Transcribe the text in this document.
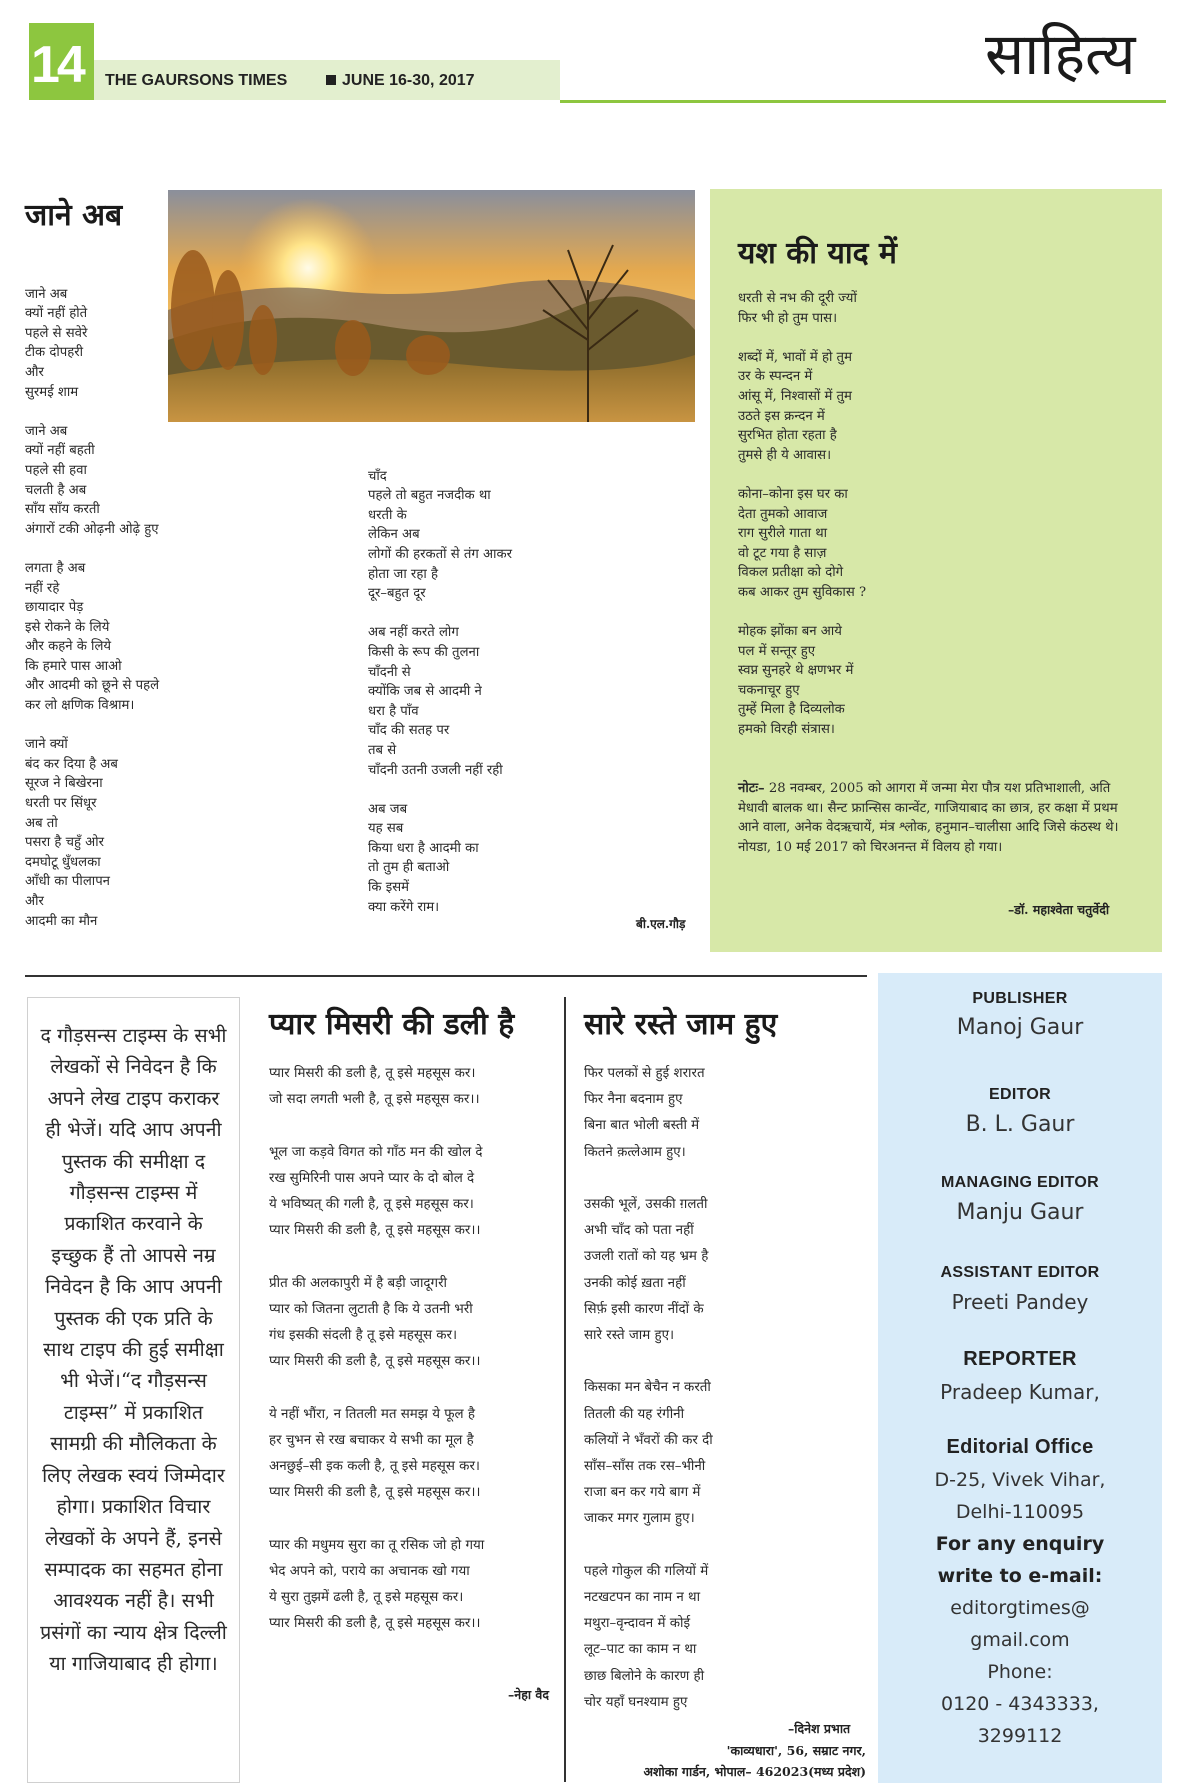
14 THE GAURSONS TIMES	JUNE 16-30, 2017	साहित्य
जाने अब

जाने अब
क्यों नहीं होते
पहले से सवेरे
टीक दोपहरी
और
सुरमई शाम

जाने अब
क्यों नहीं बहती
पहले सी हवा
चलती है अब
साँय साँय करती
अंगारों टकी ओढ़नी ओढ़े हुए

लगता है अब
नहीं रहे
छायादार पेड़
इसे रोकने के लिये
और कहने के लिये
कि हमारे पास आओ
और आदमी को छूने से पहले
कर लो क्षणिक विश्राम।

जाने क्यों
बंद कर दिया है अब
सूरज ने बिखेरना
धरती पर सिंधूर
अब तो
पसरा है चहुँ ओर
दमघोटू धुँधलका
आँधी का पीलापन
और
आदमी का मौन

चाँद
पहले तो बहुत नजदीक था
धरती के
लेकिन अब
लोगों की हरकतों से तंग आकर
होता जा रहा है
दूर–बहुत दूर

अब नहीं करते लोग
किसी के रूप की तुलना
चाँदनी से
क्योंकि जब से आदमी ने
धरा है पाँव
चाँद की सतह पर
तब से
चाँदनी उतनी उजली नहीं रही

अब जब
यह सब
किया धरा है आदमी का
तो तुम ही बताओ
कि इसमें
क्या करेंगे राम।

बी.एल.गौड़
यश की याद में
धरती से नभ की दूरी ज्यों
फिर भी हो तुम पास।

शब्दों में, भावों में हो तुम
उर के स्पन्दन में
आंसू में, निश्वासों में तुम
उठते इस क्रन्दन में
सुरभित होता रहता है
तुमसे ही ये आवास।

कोना–कोना इस घर का
देता तुमको आवाज
राग सुरीले गाता था
वो टूट गया है साज़
विकल प्रतीक्षा को दोगे
कब आकर तुम सुविकास ?

मोहक झोंका बन आये
पल में सन्तूर हुए
स्वप्न सुनहरे थे क्षणभर में
चकनाचूर हुए
तुम्हें मिला है दिव्यलोक
हमको विरही संत्रास।
नोटः– 28 नवम्बर, 2005 को आगरा में जन्मा मेरा पौत्र यश प्रतिभाशाली, अति मेधावी बालक था। सैन्ट फ्रान्सिस कान्वेंट, गाजियाबाद का छात्र, हर कक्षा में प्रथम आने वाला, अनेक वेदऋचायें, मंत्र श्लोक, हनुमान–चालीसा आदि जिसे कंठस्थ थे। नोयडा, 10 मई 2017 को चिरअनन्त में विलय हो गया।
–डॉ. महाश्वेता चतुर्वेदी
द गौड़सन्स टाइम्स के सभी लेखकों से निवेदन है कि अपने लेख टाइप कराकर ही भेजें। यदि आप अपनी पुस्तक की समीक्षा द गौड़सन्स टाइम्स में प्रकाशित करवाने के इच्छुक हैं तो आपसे नम्र निवेदन है कि आप अपनी पुस्तक की एक प्रति के साथ टाइप की हुई समीक्षा भी भेजें।“द गौड़सन्स टाइम्स” में प्रकाशित सामग्री की मौलिकता के लिए लेखक स्वयं जिम्मेदार होगा। प्रकाशित विचार लेखकों के अपने हैं, इनसे सम्पादक का सहमत होना आवश्यक नहीं है। सभी प्रसंगों का न्याय क्षेत्र दिल्ली या गाजियाबाद ही होगा।
प्यार मिसरी की डली है
प्यार मिसरी की डली है, तू इसे महसूस कर।
जो सदा लगती भली है, तू इसे महसूस कर।।

भूल जा कड़वे विगत को गाँठ मन की खोल दे
रख सुमिरिनी पास अपने प्यार के दो बोल दे
ये भविष्यत् की गली है, तू इसे महसूस कर।
प्यार मिसरी की डली है, तू इसे महसूस कर।।

प्रीत की अलकापुरी में है बड़ी जादूगरी
प्यार को जितना लुटाती है कि ये उतनी भरी
गंध इसकी संदली है तू इसे महसूस कर।
प्यार मिसरी की डली है, तू इसे महसूस कर।।

ये नहीं भौंरा, न तितली मत समझ ये फूल है
हर चुभन से रख बचाकर ये सभी का मूल है
अनछुई–सी इक कली है, तू इसे महसूस कर।
प्यार मिसरी की डली है, तू इसे महसूस कर।।

प्यार की मधुमय सुरा का तू रसिक जो हो गया
भेद अपने को, पराये का अचानक खो गया
ये सुरा तुझमें ढली है, तू इसे महसूस कर।
प्यार मिसरी की डली है, तू इसे महसूस कर।।
–नेहा वैद
सारे रस्ते जाम हुए
फिर पलकों से हुई शरारत
फिर नैना बदनाम हुए
बिना बात भोली बस्ती में
कितने क़त्लेआम हुए।

उसकी भूलें, उसकी ग़लती
अभी चाँद को पता नहीं
उजली रातों को यह भ्रम है
उनकी कोई ख़ता नहीं
सिर्फ़ इसी कारण नींदों के
सारे रस्ते जाम हुए।

किसका मन बेचैन न करती
तितली की यह रंगीनी
कलियों ने भँवरों की कर दी
साँस–साँस तक रस–भीनी
राजा बन कर गये बाग में
जाकर मगर गुलाम हुए।

पहले गोकुल की गलियों में
नटखटपन का नाम न था
मथुरा–वृन्दावन में कोई
लूट–पाट का काम न था
छाछ बिलोने के कारण ही
चोर यहाँ घनश्याम हुए
–दिनेश प्रभात
'काव्यधारा', 56, सम्राट नगर,
अशोका गार्डन, भोपाल– 462023(मध्य प्रदेश)
PUBLISHER
Manoj Gaur
EDITOR
B. L. Gaur
MANAGING EDITOR
Manju Gaur
ASSISTANT EDITOR
Preeti Pandey
REPORTER
Pradeep Kumar,
Editorial Office
D-25, Vivek Vihar,
Delhi-110095
For any enquiry
write to e-mail:
editorgtimes@
gmail.com
Phone:
0120 - 4343333,
3299112
